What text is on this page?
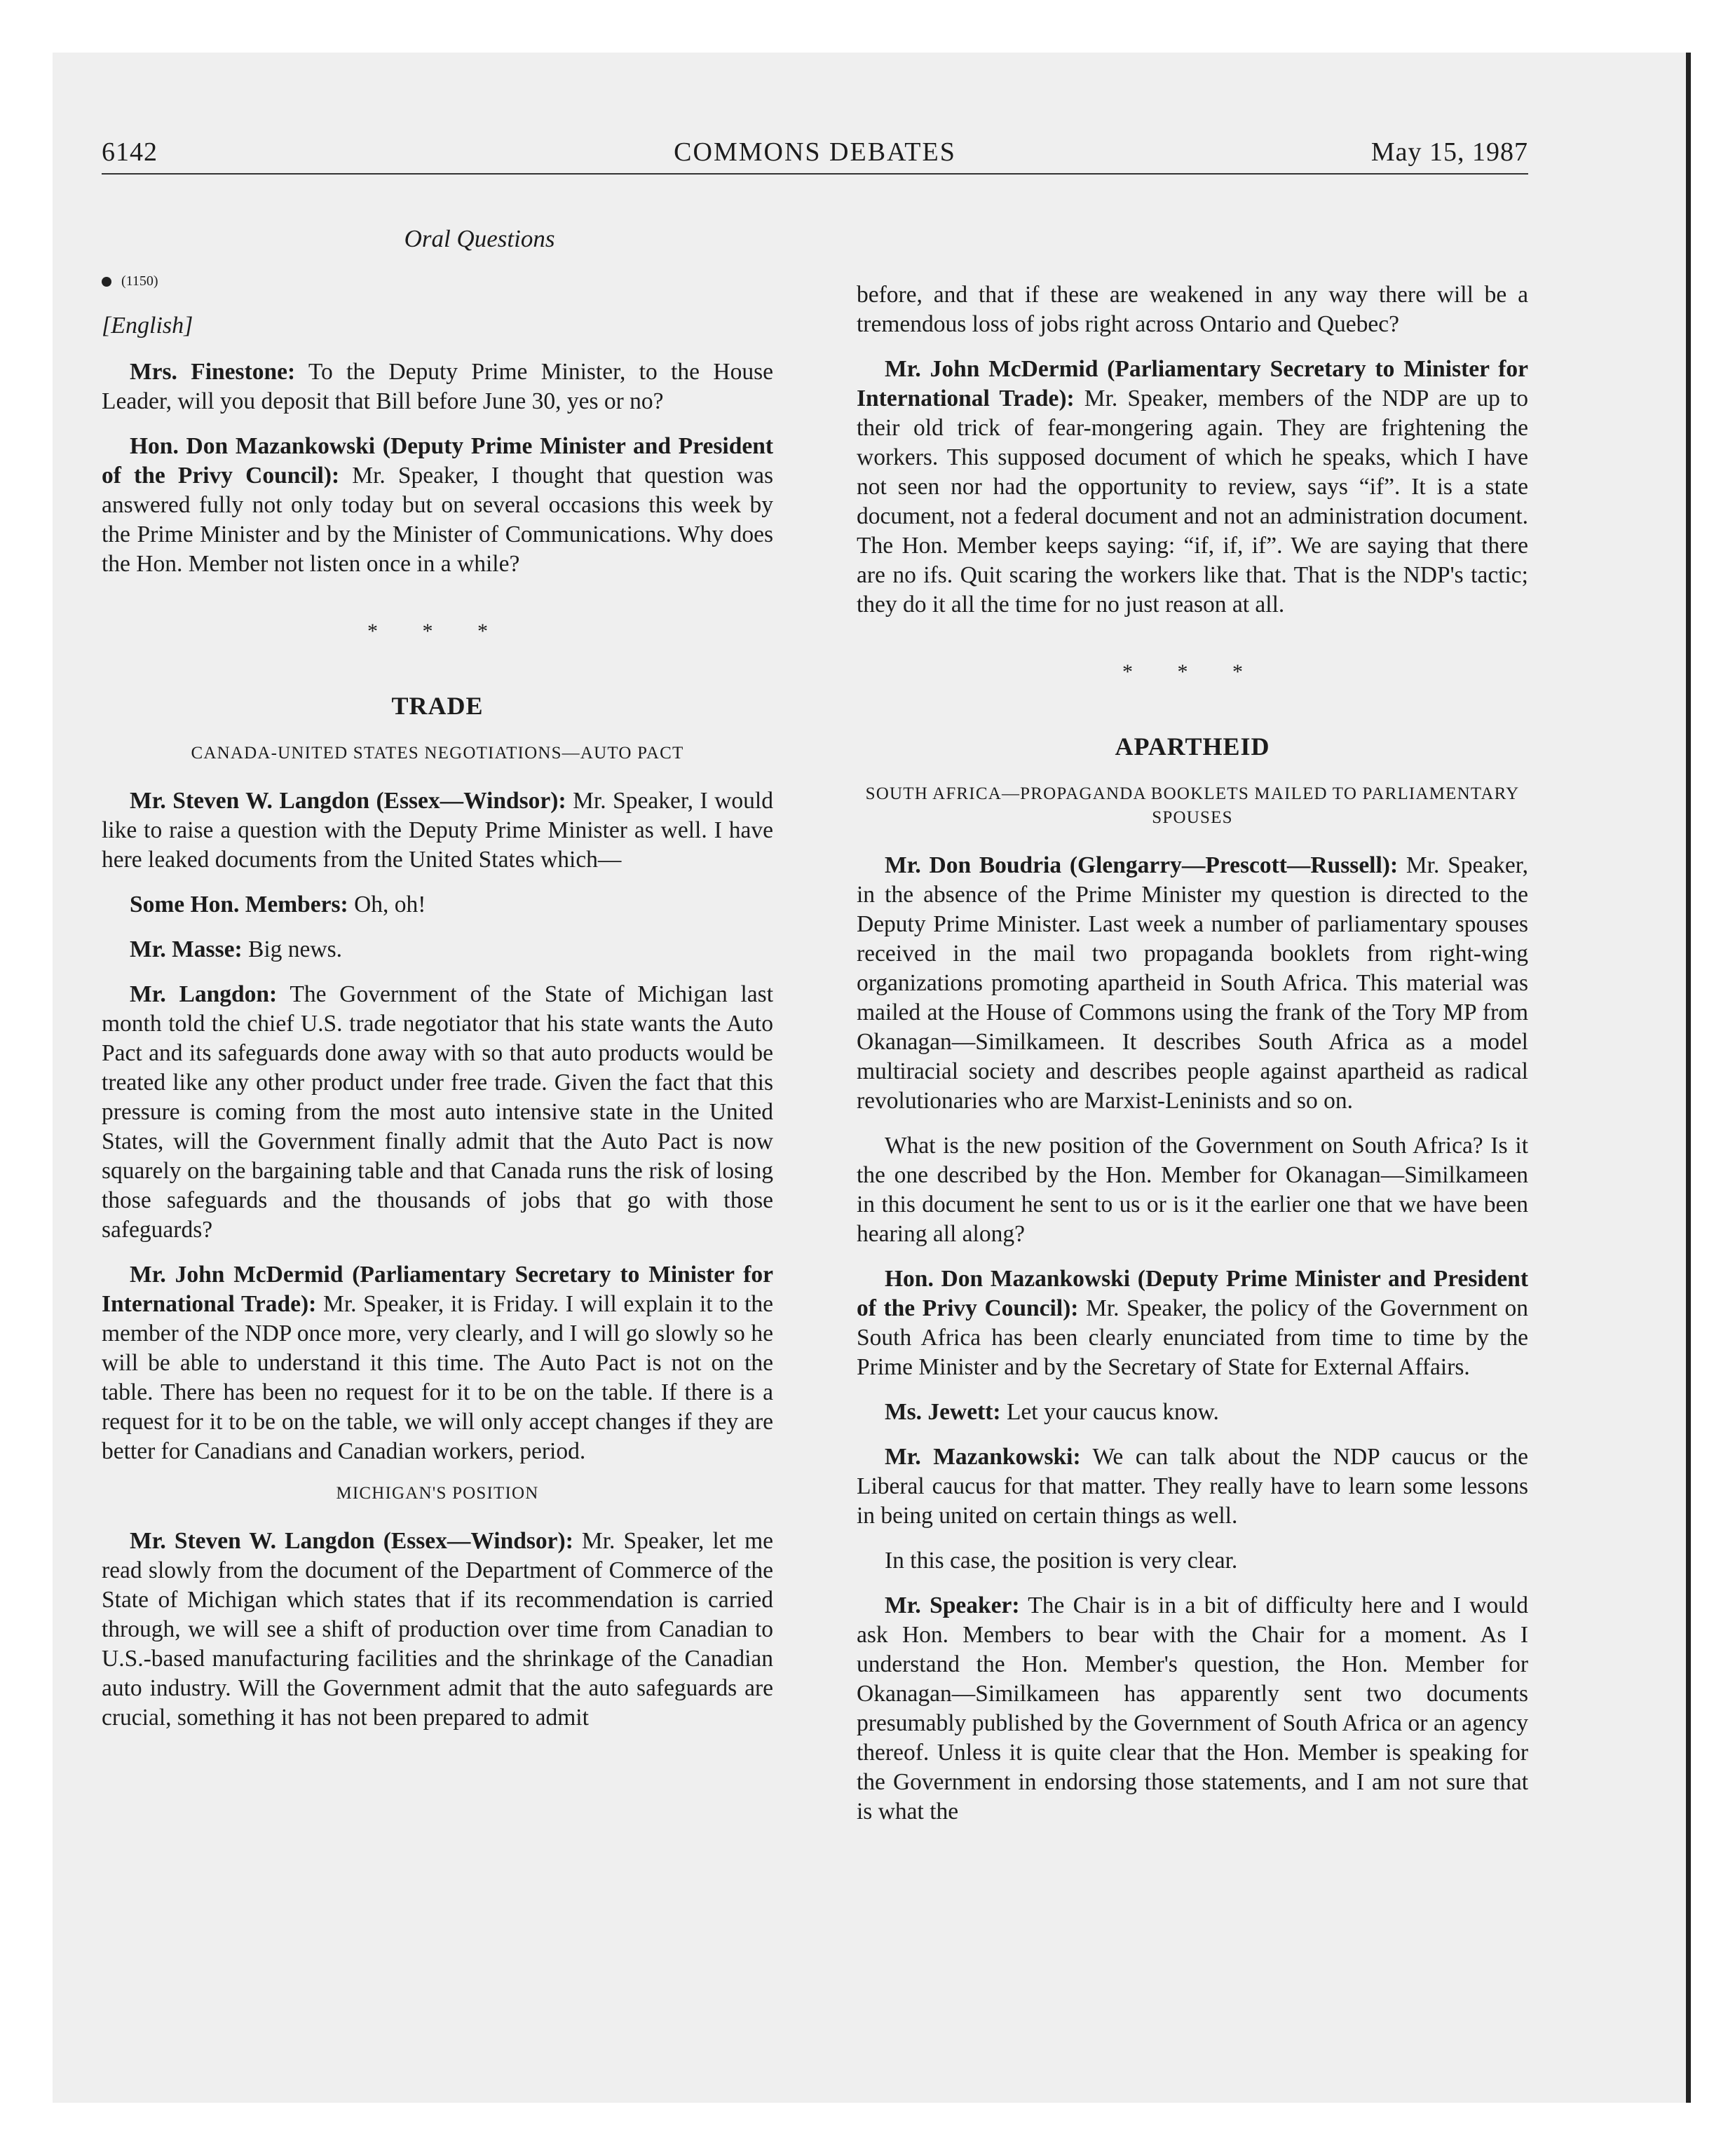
6142	COMMONS DEBATES	May 15, 1987
Oral Questions
(1150)
[English]

Mrs. Finestone: To the Deputy Prime Minister, to the House Leader, will you deposit that Bill before June 30, yes or no?

Hon. Don Mazankowski (Deputy Prime Minister and President of the Privy Council): Mr. Speaker, I thought that question was answered fully not only today but on several occasions this week by the Prime Minister and by the Minister of Communications. Why does the Hon. Member not listen once in a while?

* * *
TRADE
CANADA-UNITED STATES NEGOTIATIONS—AUTO PACT

Mr. Steven W. Langdon (Essex—Windsor): Mr. Speaker, I would like to raise a question with the Deputy Prime Minister as well. I have here leaked documents from the United States which—

Some Hon. Members: Oh, oh!

Mr. Masse: Big news.

Mr. Langdon: The Government of the State of Michigan last month told the chief U.S. trade negotiator that his state wants the Auto Pact and its safeguards done away with so that auto products would be treated like any other product under free trade. Given the fact that this pressure is coming from the most auto intensive state in the United States, will the Government finally admit that the Auto Pact is now squarely on the bargaining table and that Canada runs the risk of losing those safeguards and the thousands of jobs that go with those safeguards?

Mr. John McDermid (Parliamentary Secretary to Minister for International Trade): Mr. Speaker, it is Friday. I will explain it to the member of the NDP once more, very clearly, and I will go slowly so he will be able to understand it this time. The Auto Pact is not on the table. There has been no request for it to be on the table. If there is a request for it to be on the table, we will only accept changes if they are better for Canadians and Canadian workers, period.

MICHIGAN'S POSITION

Mr. Steven W. Langdon (Essex—Windsor): Mr. Speaker, let me read slowly from the document of the Department of Commerce of the State of Michigan which states that if its recommendation is carried through, we will see a shift of production over time from Canadian to U.S.-based manufacturing facilities and the shrinkage of the Canadian auto industry. Will the Government admit that the auto safeguards are crucial, something it has not been prepared to admit

before, and that if these are weakened in any way there will be a tremendous loss of jobs right across Ontario and Quebec?

Mr. John McDermid (Parliamentary Secretary to Minister for International Trade): Mr. Speaker, members of the NDP are up to their old trick of fear-mongering again. They are frightening the workers. This supposed document of which he speaks, which I have not seen nor had the opportunity to review, says “if”. It is a state document, not a federal document and not an administration document. The Hon. Member keeps saying: “if, if, if”. We are saying that there are no ifs. Quit scaring the workers like that. That is the NDP's tactic; they do it all the time for no just reason at all.

* * *
APARTHEID
SOUTH AFRICA—PROPAGANDA BOOKLETS MAILED TO PARLIAMENTARY SPOUSES

Mr. Don Boudria (Glengarry—Prescott—Russell): Mr. Speaker, in the absence of the Prime Minister my question is directed to the Deputy Prime Minister. Last week a number of parliamentary spouses received in the mail two propaganda booklets from right-wing organizations promoting apartheid in South Africa. This material was mailed at the House of Commons using the frank of the Tory MP from Okanagan—Similkameen. It describes South Africa as a model multiracial society and describes people against apartheid as radical revolutionaries who are Marxist-Leninists and so on.

What is the new position of the Government on South Africa? Is it the one described by the Hon. Member for Okanagan—Similkameen in this document he sent to us or is it the earlier one that we have been hearing all along?

Hon. Don Mazankowski (Deputy Prime Minister and President of the Privy Council): Mr. Speaker, the policy of the Government on South Africa has been clearly enunciated from time to time by the Prime Minister and by the Secretary of State for External Affairs.

Ms. Jewett: Let your caucus know.

Mr. Mazankowski: We can talk about the NDP caucus or the Liberal caucus for that matter. They really have to learn some lessons in being united on certain things as well.

In this case, the position is very clear.

Mr. Speaker: The Chair is in a bit of difficulty here and I would ask Hon. Members to bear with the Chair for a moment. As I understand the Hon. Member's question, the Hon. Member for Okanagan—Similkameen has apparently sent two documents presumably published by the Government of South Africa or an agency thereof. Unless it is quite clear that the Hon. Member is speaking for the Government in endorsing those statements, and I am not sure that is what the
